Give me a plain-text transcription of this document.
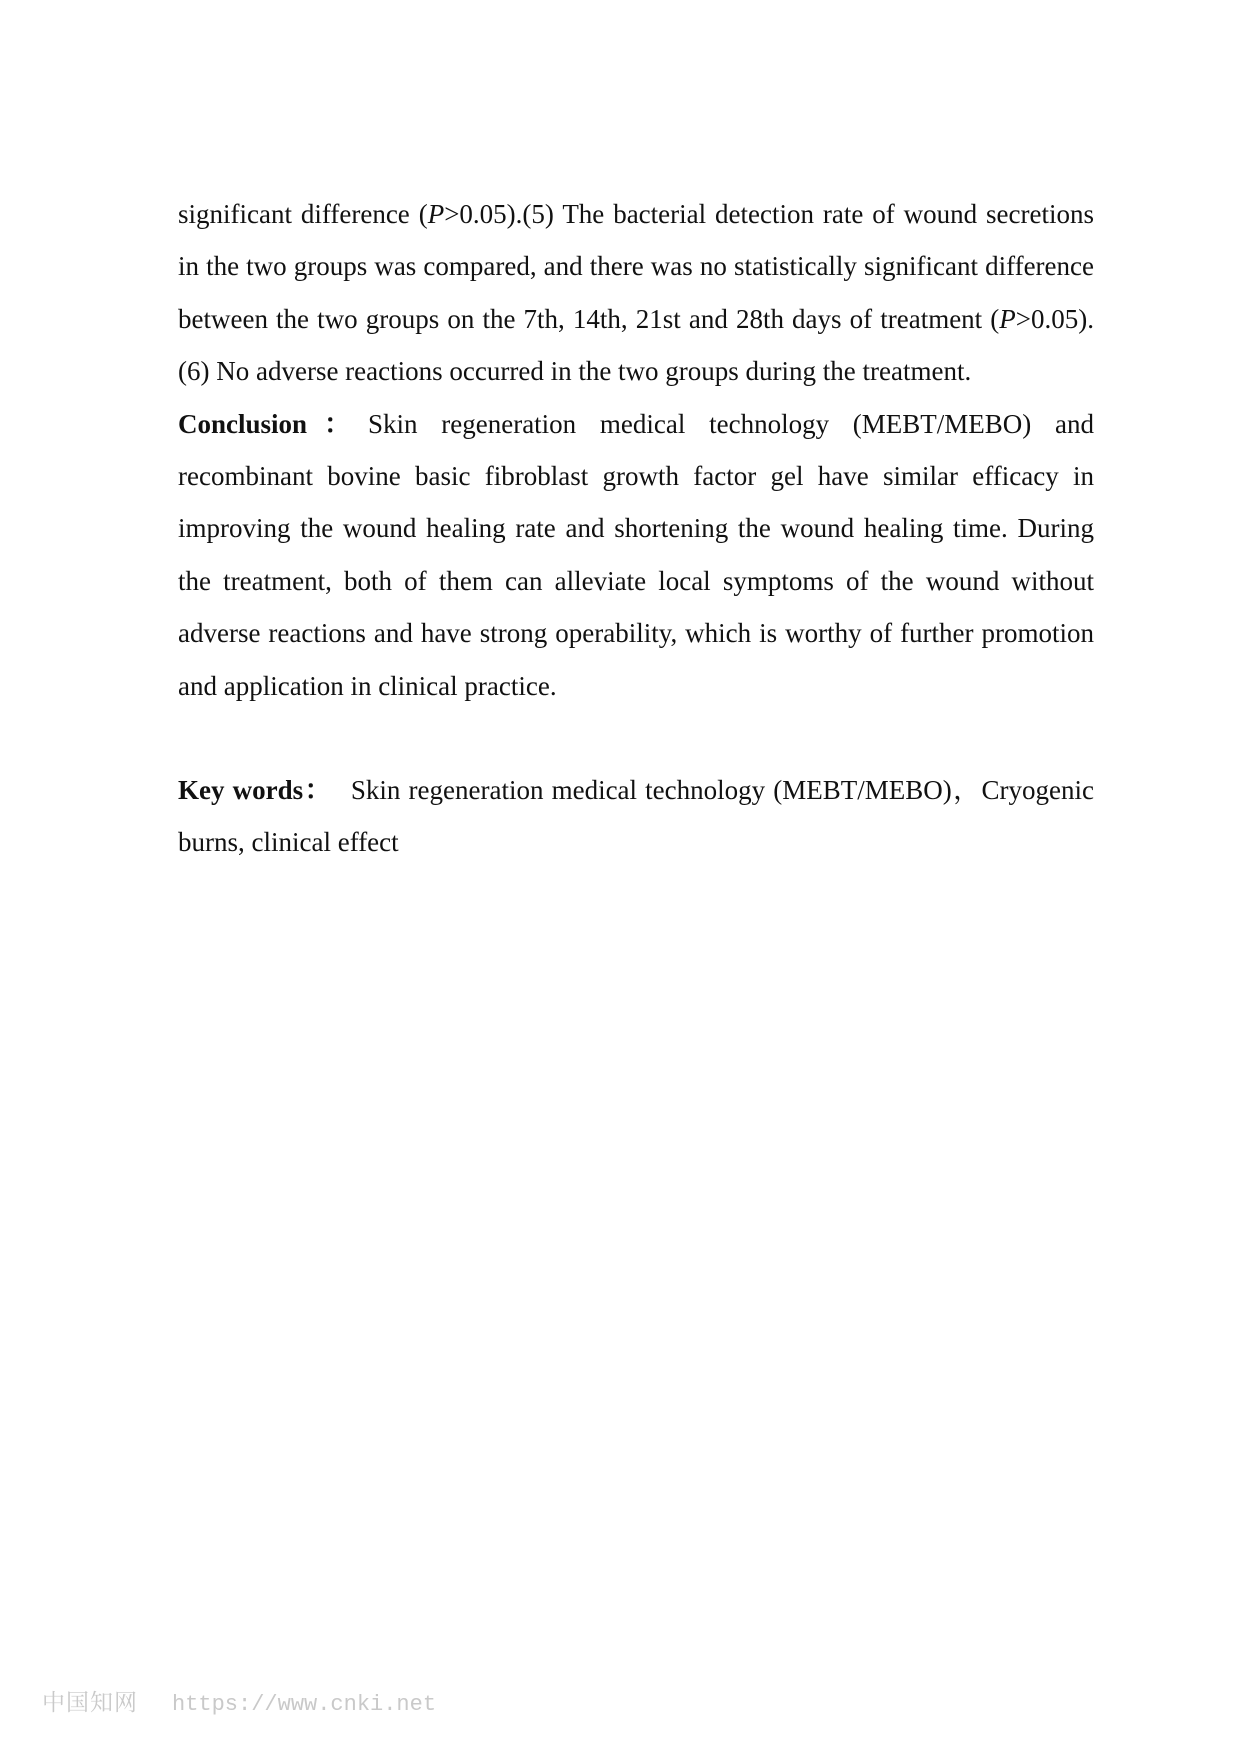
significant difference (P>0.05).(5) The bacterial detection rate of wound secretions in the two groups was compared, and there was no statistically significant difference between the two groups on the 7th, 14th, 21st and 28th days of treatment (P>0.05).(6) No adverse reactions occurred in the two groups during the treatment.

Conclusion：Skin regeneration medical technology (MEBT/MEBO) and recombinant bovine basic fibroblast growth factor gel have similar efficacy in improving the wound healing rate and shortening the wound healing time. During the treatment, both of them can alleviate local symptoms of the wound without adverse reactions and have strong operability, which is worthy of further promotion and application in clinical practice.

Key words： Skin regeneration medical technology (MEBT/MEBO)，Cryogenic burns, clinical effect

中国知网 https://www.cnki.net
